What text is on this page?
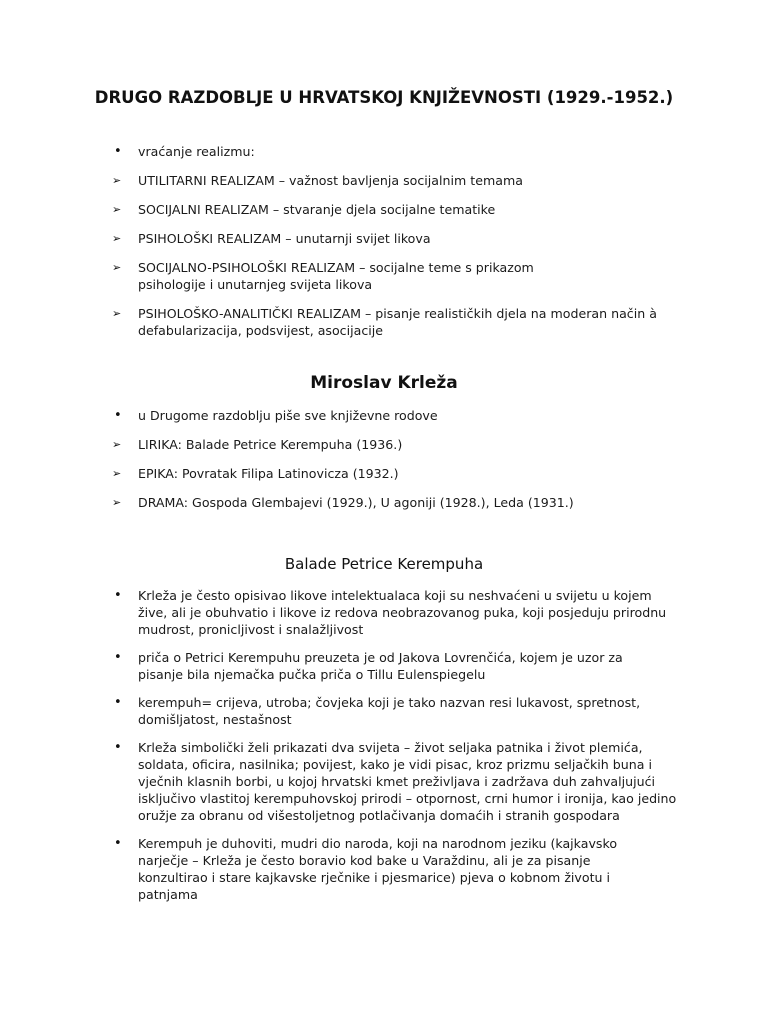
DRUGO RAZDOBLJE U HRVATSKOJ KNJIŽEVNOSTI (1929.-1952.)
•	vraćanje realizmu:
➢	UTILITARNI REALIZAM – važnost bavljenja socijalnim temama
➢	SOCIJALNI REALIZAM – stvaranje djela socijalne tematike
➢	PSIHOLOŠKI REALIZAM – unutarnji svijet likova
➢	SOCIJALNO-PSIHOLOŠKI REALIZAM – socijalne teme s prikazom psihologije i unutarnjeg svijeta likova
➢	PSIHOLOŠKO-ANALITIČKI REALIZAM – pisanje realističkih djela na moderan način à defabularizacija, podsvijest, asocijacije
Miroslav Krleža
•	u Drugome razdoblju piše sve književne rodove
➢	LIRIKA: Balade Petrice Kerempuha (1936.)
➢	EPIKA: Povratak Filipa Latinovicza (1932.)
➢	DRAMA: Gospoda Glembajevi (1929.), U agoniji (1928.), Leda (1931.)
Balade Petrice Kerempuha
•	Krleža je često opisivao likove intelektualaca koji su neshvaćeni u svijetu u kojem žive, ali je obuhvatio i likove iz redova neobrazovanog puka, koji posjeduju prirodnu mudrost, pronicljivost i snalažljivost
•	priča o Petrici Kerempuhu preuzeta je od Jakova Lovrenčića, kojem je uzor za pisanje bila njemačka pučka priča o Tillu Eulenspiegelu
•	kerempuh= crijeva, utroba; čovjeka koji je tako nazvan resi lukavost, spretnost, domišljatost, nestašnost
•	Krleža simbolički želi prikazati dva svijeta – život seljaka patnika i život plemića, soldata, oficira, nasilnika; povijest, kako je vidi pisac, kroz prizmu seljačkih buna i vječnih klasnih borbi, u kojoj hrvatski kmet preživljava i zadržava duh zahvaljujući isključivo vlastitoj kerempuhovskoj prirodi – otpornost, crni humor i ironija, kao jedino oružje za obranu od višestoljetnog potlačivanja domaćih i stranih gospodara
•	Kerempuh je duhoviti, mudri dio naroda, koji na narodnom jeziku (kajkavsko narječje – Krleža je često boravio kod bake u Varaždinu, ali je za pisanje konzultirao i stare kajkavske rječnike i pjesmarice) pjeva o kobnom životu i patnjama
